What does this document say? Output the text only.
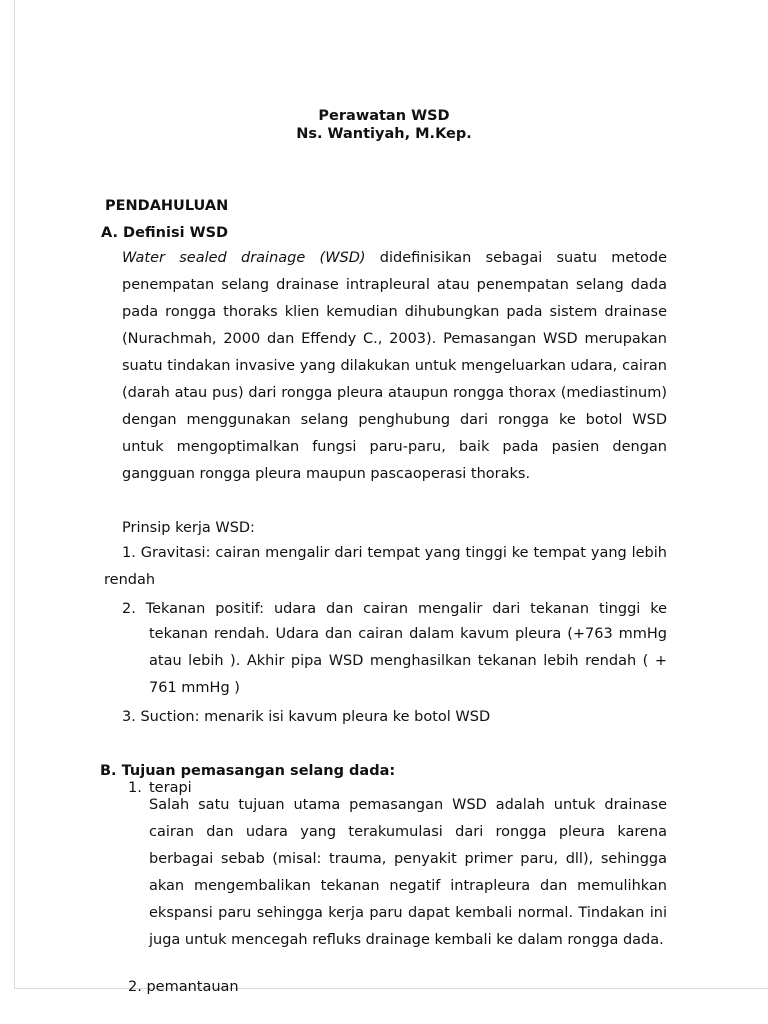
Perawatan WSD
Ns. Wantiyah, M.Kep.
PENDAHULUAN
A. Definisi WSD

Water sealed drainage (WSD) didefinisikan sebagai suatu metode penempatan selang drainase intrapleural atau penempatan selang dada pada rongga thoraks klien kemudian dihubungkan pada sistem drainase (Nurachmah, 2000 dan Effendy C., 2003). Pemasangan WSD merupakan suatu tindakan invasive yang dilakukan untuk mengeluarkan udara, cairan (darah atau pus) dari rongga pleura ataupun rongga thorax (mediastinum) dengan menggunakan selang penghubung dari rongga ke botol WSD untuk mengoptimalkan fungsi paru-paru, baik pada pasien dengan gangguan rongga pleura maupun pascaoperasi thoraks.

Prinsip kerja WSD:

1. Gravitasi: cairan mengalir dari tempat yang tinggi ke tempat yang lebih rendah

2. Tekanan positif: udara dan cairan mengalir dari tekanan tinggi ke

tekanan rendah. Udara dan cairan dalam kavum pleura (+763 mmHg atau lebih ). Akhir pipa WSD menghasilkan tekanan lebih rendah ( + 761 mmHg )

3. Suction: menarik isi kavum pleura ke botol WSD
B. Tujuan pemasangan selang dada:
1. terapi

Salah satu tujuan utama pemasangan WSD adalah untuk drainase cairan dan udara yang terakumulasi dari rongga pleura karena berbagai sebab (misal: trauma, penyakit primer paru, dll), sehingga akan mengembalikan tekanan negatif intrapleura dan memulihkan ekspansi paru sehingga kerja paru dapat kembali normal. Tindakan ini juga untuk mencegah refluks drainage kembali ke dalam rongga dada.

2. pemantauan
